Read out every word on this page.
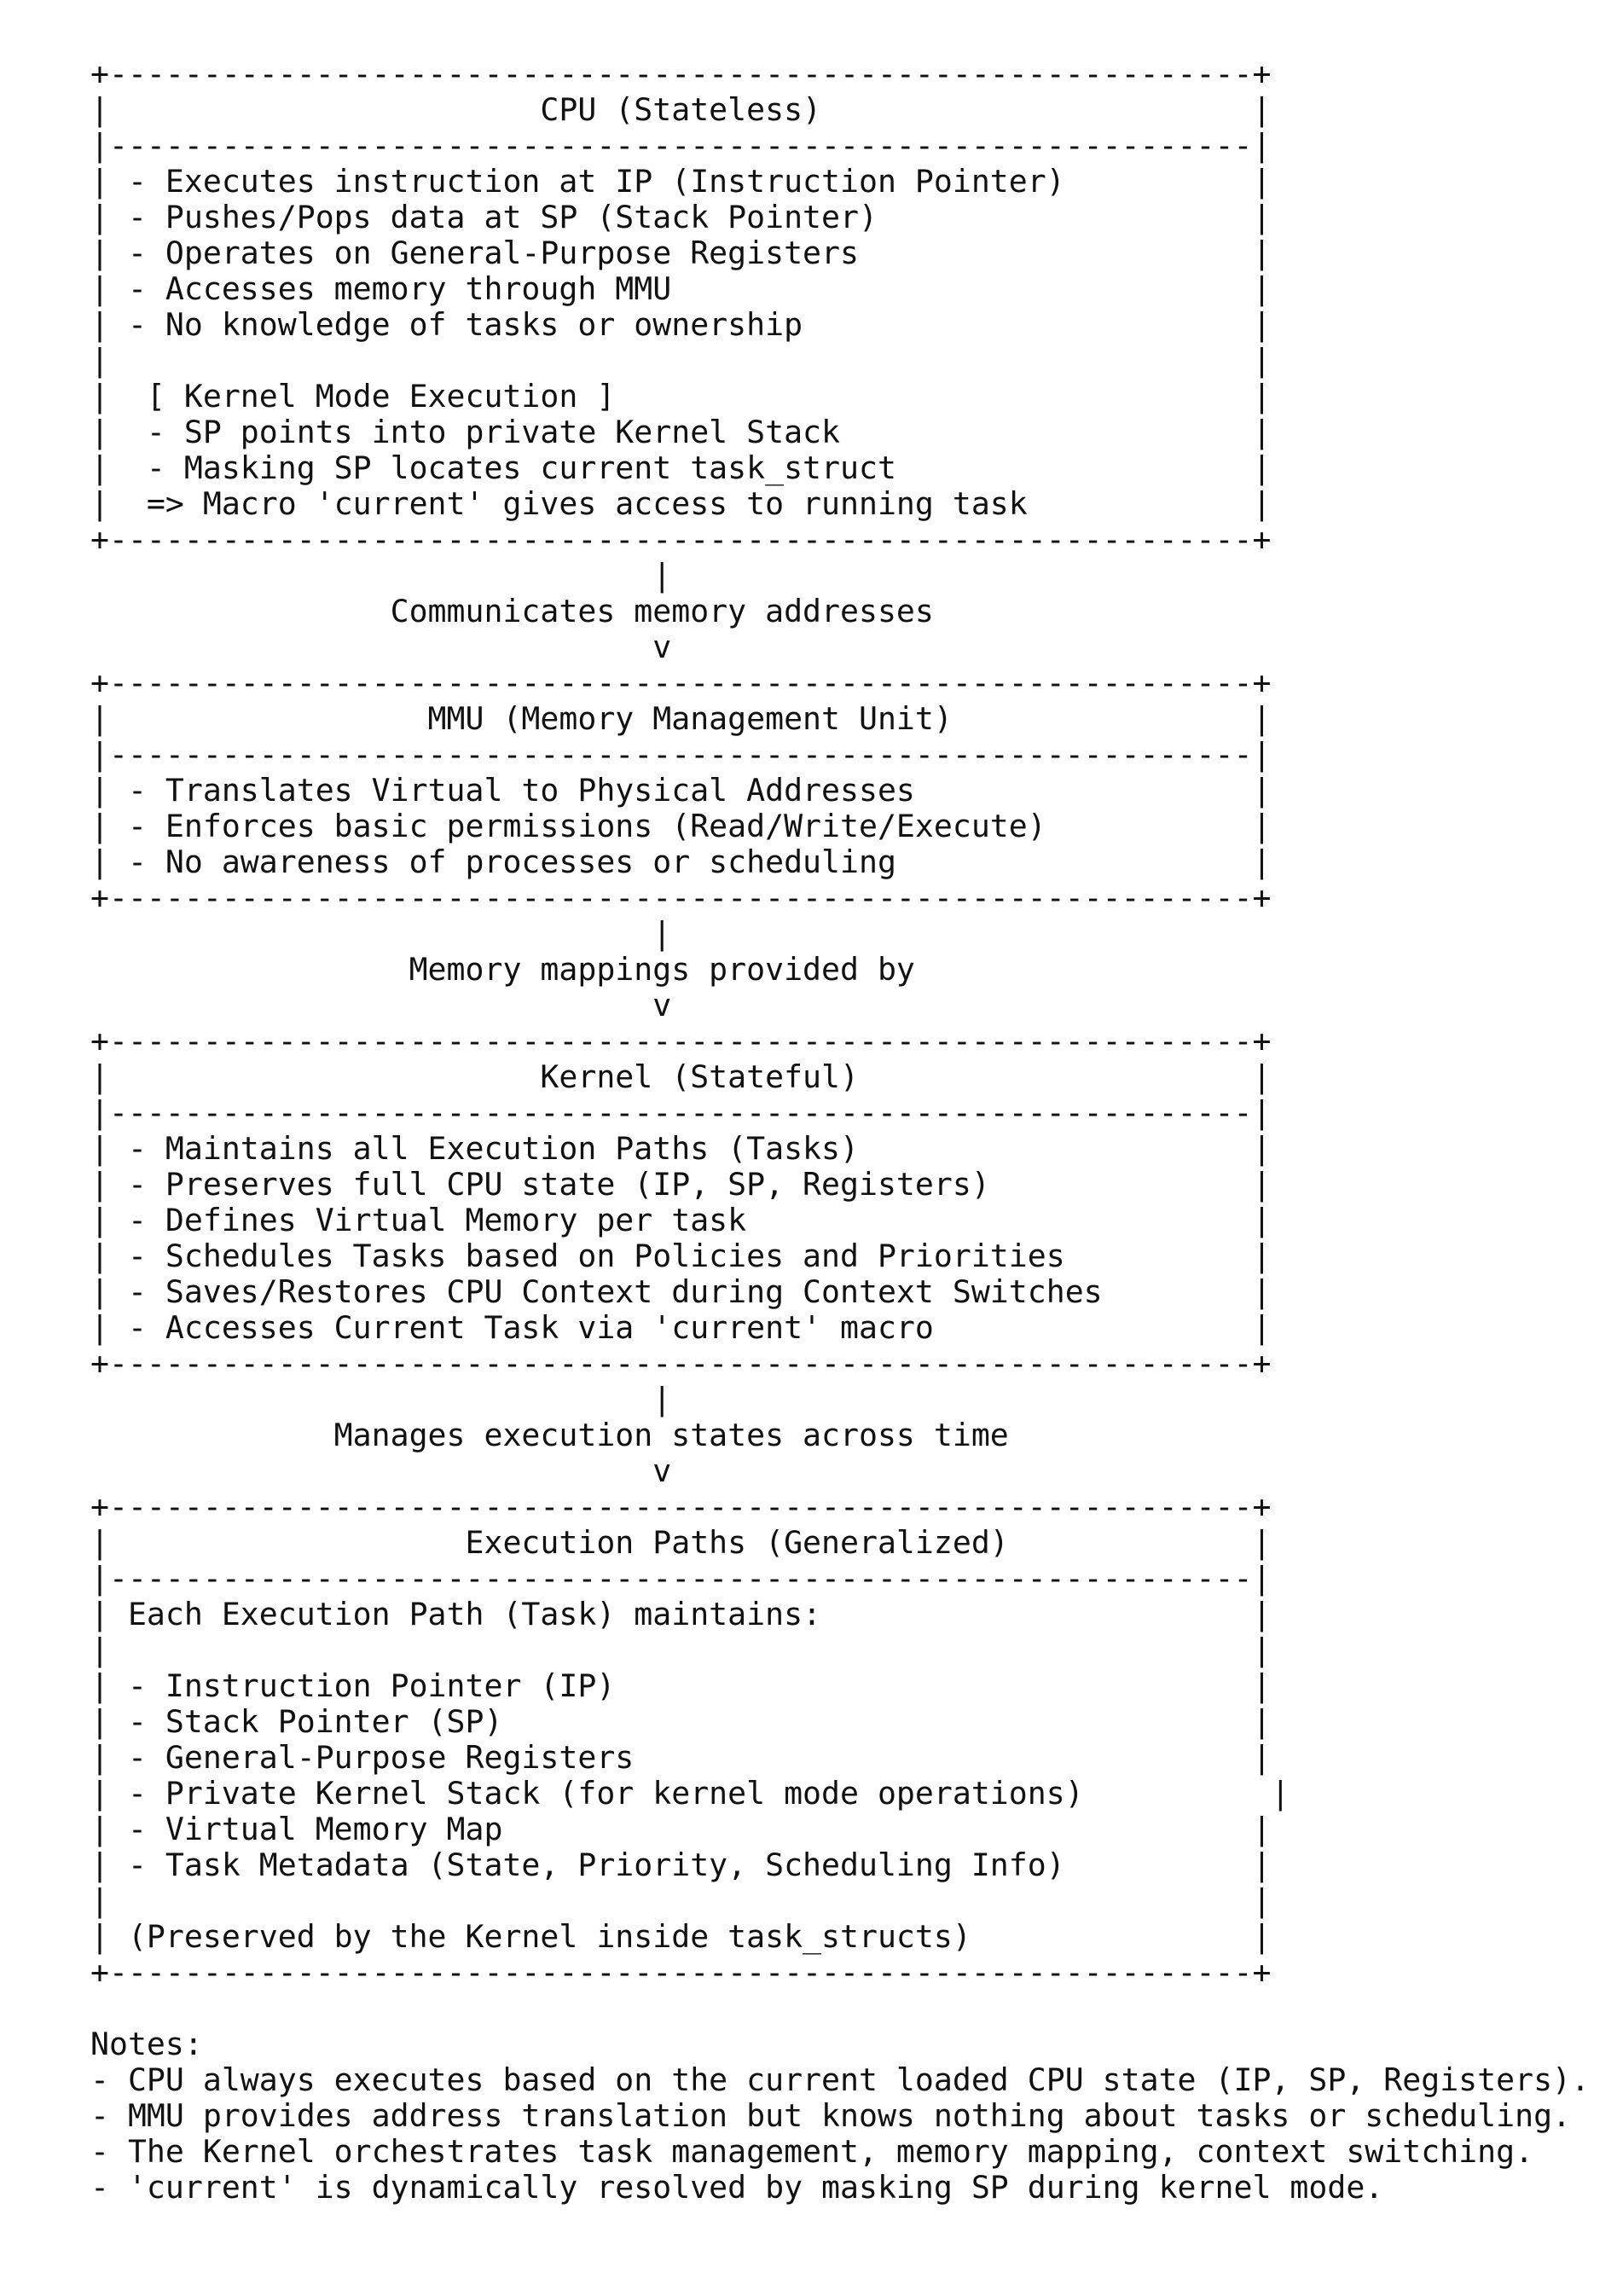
+-------------------------------------------------------------+
|                       CPU (Stateless)                       |
|-------------------------------------------------------------|
| - Executes instruction at IP (Instruction Pointer)          |
| - Pushes/Pops data at SP (Stack Pointer)                    |
| - Operates on General-Purpose Registers                     |
| - Accesses memory through MMU                               |
| - No knowledge of tasks or ownership                        |
|                                                             |
|  [ Kernel Mode Execution ]                                  |
|  - SP points into private Kernel Stack                      |
|  - Masking SP locates current task_struct                   |
|  => Macro 'current' gives access to running task            |
+-------------------------------------------------------------+
|
Communicates memory addresses
v
+-------------------------------------------------------------+
|                 MMU (Memory Management Unit)                |
|-------------------------------------------------------------|
| - Translates Virtual to Physical Addresses                  |
| - Enforces basic permissions (Read/Write/Execute)           |
| - No awareness of processes or scheduling                   |
+-------------------------------------------------------------+
|
Memory mappings provided by
v
+-------------------------------------------------------------+
|                       Kernel (Stateful)                     |
|-------------------------------------------------------------|
| - Maintains all Execution Paths (Tasks)                     |
| - Preserves full CPU state (IP, SP, Registers)              |
| - Defines Virtual Memory per task                           |
| - Schedules Tasks based on Policies and Priorities          |
| - Saves/Restores CPU Context during Context Switches        |
| - Accesses Current Task via 'current' macro                 |
+-------------------------------------------------------------+
|
Manages execution states across time
v
+-------------------------------------------------------------+
|                   Execution Paths (Generalized)             |
|-------------------------------------------------------------|
| Each Execution Path (Task) maintains:                       |
|                                                             |
| - Instruction Pointer (IP)                                  |
| - Stack Pointer (SP)                                        |
| - General-Purpose Registers                                 |
| - Private Kernel Stack (for kernel mode operations)          |
| - Virtual Memory Map                                        |
| - Task Metadata (State, Priority, Scheduling Info)          |
|                                                             |
| (Preserved by the Kernel inside task_structs)               |
+-------------------------------------------------------------+
Notes:
- CPU always executes based on the current loaded CPU state (IP, SP, Registers).
- MMU provides address translation but knows nothing about tasks or scheduling.
- The Kernel orchestrates task management, memory mapping, context switching.
- 'current' is dynamically resolved by masking SP during kernel mode.
